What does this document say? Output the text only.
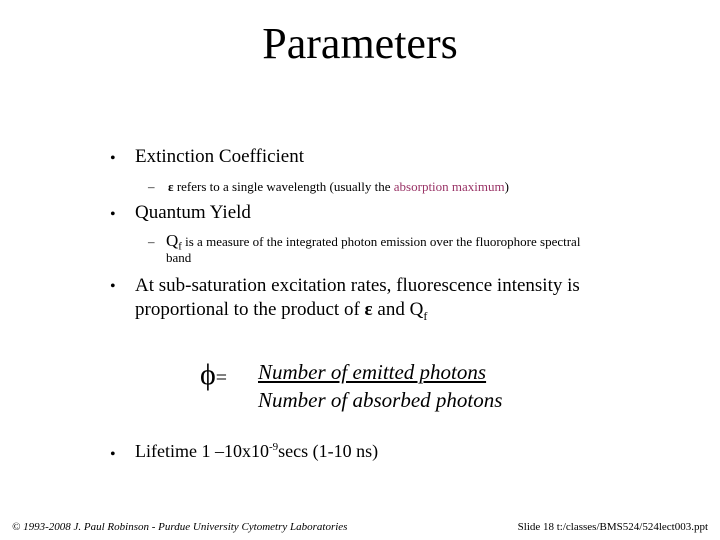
Parameters
• Extinction Coefficient
– ε refers to a single wavelength (usually the absorption maximum)
• Quantum Yield
– $Q_f$ is a measure of the integrated photon emission over the fluorophore spectral
band
• At sub-saturation excitation rates, fluorescence intensity is
proportional to the product of ε and $Q_f$
ϕ= Number of emitted photons
Number of absorbed photons
• Lifetime 1 $-10x10^{-9}\sec s$ (1-10 ns)
© 1993-2008 J. Paul Robinson - Purdue University Cytometry Laboratories	Slide 18 t:/classes/BMS524/524lect003.ppt
